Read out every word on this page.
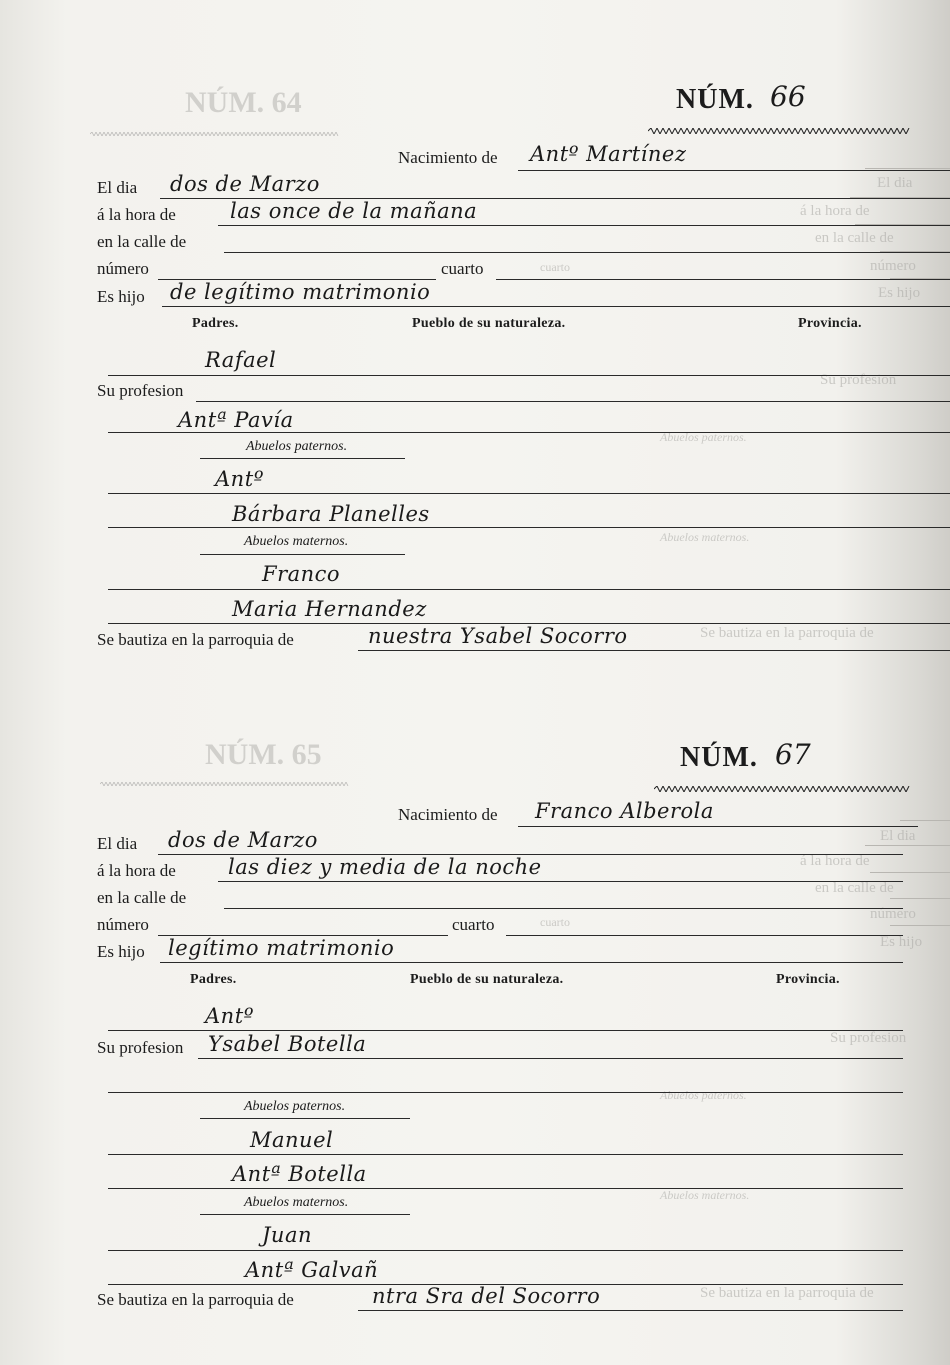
NÚM. 64
NÚM. 65
El dia
á la hora de
en la calle de
número
Es hijo
Su profesion
Abuelos paternos.
Abuelos maternos.
Se bautiza en la parroquia de
cuarto
El dia
á la hora de
en la calle de
número
Es hijo
Su profesion
Abuelos paternos.
Abuelos maternos.
Se bautiza en la parroquia de
cuarto
NÚM. 66
Nacimiento de Antº Martínez
El dia dos de Marzo
á la hora de	las once de la mañana
en la calle de
número	cuarto
Es hijo de legítimo matrimonio
Padres.	Pueblo de su naturaleza.	Provincia.
Rafael
Su profesion
Antª Pavía
Abuelos paternos.
Antº
Bárbara Planelles
Abuelos maternos.
Franco
Maria Hernandez
Se bautiza en la parroquia de	nuestra Ysabel Socorro
NÚM. 67
Nacimiento de Franco Alberola
El dia dos de Marzo
á la hora de las diez y media de la noche
en la calle de
número	cuarto
Es hijo legítimo matrimonio
Padres.	Pueblo de su naturaleza.	Provincia.
Antº
Su profesion Ysabel Botella
Abuelos paternos.
Manuel
Antª Botella
Abuelos maternos.
Juan
Antª Galvañ
Se bautiza en la parroquia de	ntra Sra del Socorro
